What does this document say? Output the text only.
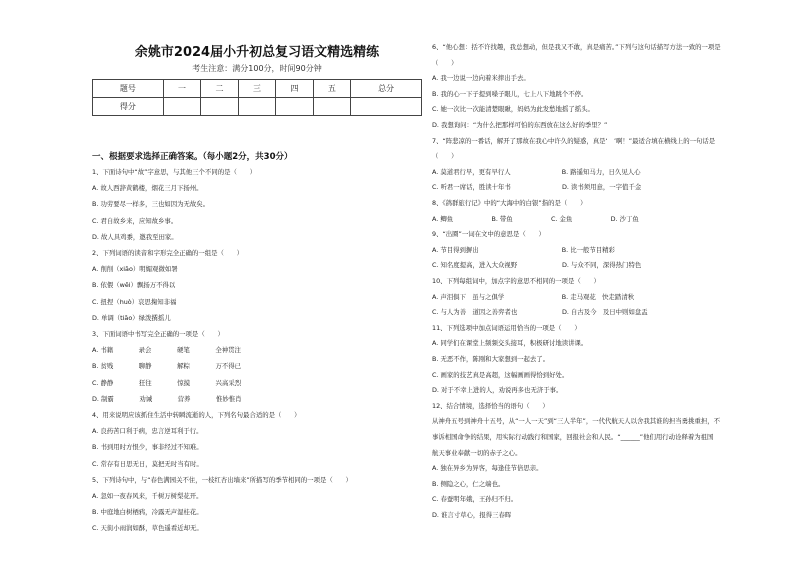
余姚市2024届小升初总复习语文精选精练
考生注意：满分100分，时间90分钟
题号	一	二	三	四	五	总分
得分						
一、根据要求选择正确答案。（每小题2分，共30分）
1、下面诗句中“故”字意思，与其他三个不同的是（　　）
A. 故人西辞黄鹤楼，烟花三月下扬州。
B. 功劳要尽一样多，三也如因为无故矣。
C. 君自故乡来，应知故乡事。
D. 故人具鸡黍，邀我至田家。
2、下列词语的读音和字形完全正确的一组是（　　）
A. 削削（xiāo）明媚观微如署
B. 依偎（wēi）飘扬万不得以
C. 扭捏（huò）哀思掬知非福
D. 单调（tiāo）绿泼撰摇儿
3、下面词语中书写完全正确的一项是（　　）
A. 书籍　　　　录会　　　　硬笔　　　　全神贯注
B. 贫贱　　　　聊静　　　　解粽　　　　万不得已
C. 静静　　　　狂往　　　　惊摸　　　　兴高采烈
D. 制霸　　　　劝诫　　　　营养　　　　惟妙惟肖
4、用来说明应该抓住生活中转瞬流逝的人，下列名句最合适的是（　　）
A. 良药苦口利于病，忠言逆耳利于行。
B. 书到用时方恨少，事非经过不知难。
C. 常存有日思无日，莫把无时当有时。
5、下列诗句中，与“春色满园关不住，一枝红杏出墙来”所描写的季节相同的一项是（　　）
A. 忽如一夜春风来，千树万树梨花开。
B. 中庭地白树栖鸦，冷露无声湿桂花。
C. 天街小雨润如酥，草色遥看近却无。
6、“他心想：括不许找趣，我总想动，但是我又不敢，真是痛苦。”下列与这句话描写方法一致的一项是
（　　）
A. 我一边说一边向着米摔出手去。
B. 我的心一下子提到嗓子眼儿，七上八下地跳个不停。
C. 她一次比一次能清楚眼瞅，妈妈为此发愁地摇了摇头。
D. 我想询问：“为什么把那样可怕的东西放在这么好的季里？”
7、“阵悲凉的一番话，解开了那故在我心中许久的疑惑，真是‘　’啊！”最适合填在横线上的一句话是
（　　）
A. 莫道君行早，更有早行人　　　　　　　　B. 路遥知马力，日久见人心
C. 听君一席话，胜读十年书　　　　　　　　D. 读书须用意，一字值千金
8、《鸽群旅行记》中的“大海中的白银”指的是（　　）
A. 鲫鱼　　　　　　B. 带鱼　　　　　　C. 金鱼　　　　　　D. 沙丁鱼
9、“出圈”一词在文中的意思是（　　）
A. 节目得到摒出　　　　　　　　　　　　　B. 比一般节目精彩
C. 知名度提高，进入大众视野　　　　　　　D. 与众不同，深得热门特色
10、下列每组词中，加点字的意思不相同的一项是（　　）
A. 声泪俱下　虽与之俱学　　　　　　　　　B. 走马观花　快走踏清秋
C. 与人为善　道因之善弈者也　　　　　　　D. 自古及今　及日中则如盘盂
11、下列选项中加点词语运用恰当的一项是（　　）
A. 同学们在课堂上频频交头接耳，积极研讨地读讲课。
B. 无恶不作，陈刚和大家想到一起去了。
C. 画家的技艺真是高超，这幅画画得恰到好处。
D. 对于不幸上进的人，劝说再多也无济于事。
12、结合情境，选择恰当的语句（　　）
从神舟五号到神舟十五号，从“一人一天”到“三人半年”，一代代航天人以舍我其谁的担当勇挑重担，不
事诉相国命争的结果，用实际行动践行和国家，回报社会和人民。“______”他们用行动诠释着为祖国
航天事业奉献一切的赤子之心。
A. 独在异乡为异客，每逢佳节倍思亲。
B. 侧隐之心，仁之端也。
C. 春蚕明年娥，王孙归不归。
D. 谁言寸草心，报得三春晖
